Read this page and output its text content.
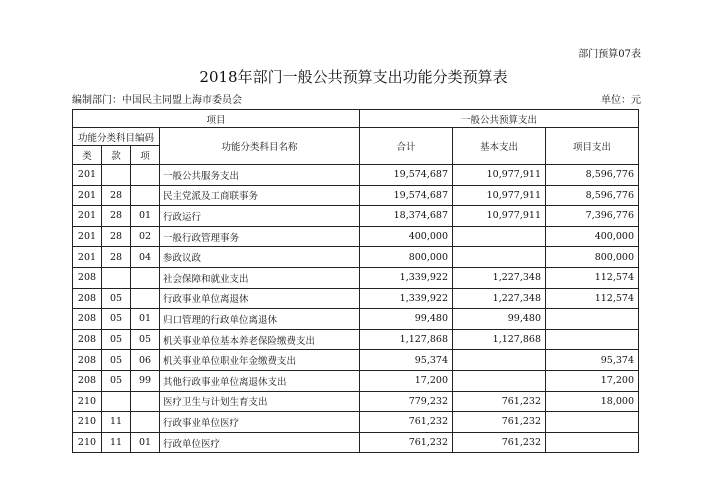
部门预算07表
2018年部门一般公共预算支出功能分类预算表
编制部门：中国民主同盟上海市委员会	单位：元
项目				一般公共预算支出		
功能分类科目编码			功能分类科目名称	合计	基本支出	项目支出
类	款	项				
201			一般公共服务支出	19,574,687	10,977,911	8,596,776
201	28		民主党派及工商联事务	19,574,687	10,977,911	8,596,776
201	28	01	行政运行	18,374,687	10,977,911	7,396,776
201	28	02	一般行政管理事务	400,000		400,000
201	28	04	参政议政	800,000		800,000
208			社会保障和就业支出	1,339,922	1,227,348	112,574
208	05		行政事业单位离退休	1,339,922	1,227,348	112,574
208	05	01	归口管理的行政单位离退休	99,480	99,480	
208	05	05	机关事业单位基本养老保险缴费支出	1,127,868	1,127,868	
208	05	06	机关事业单位职业年金缴费支出	95,374		95,374
208	05	99	其他行政事业单位离退休支出	17,200		17,200
210			医疗卫生与计划生育支出	779,232	761,232	18,000
210	11		行政事业单位医疗	761,232	761,232	
210	11	01	行政单位医疗	761,232	761,232	
